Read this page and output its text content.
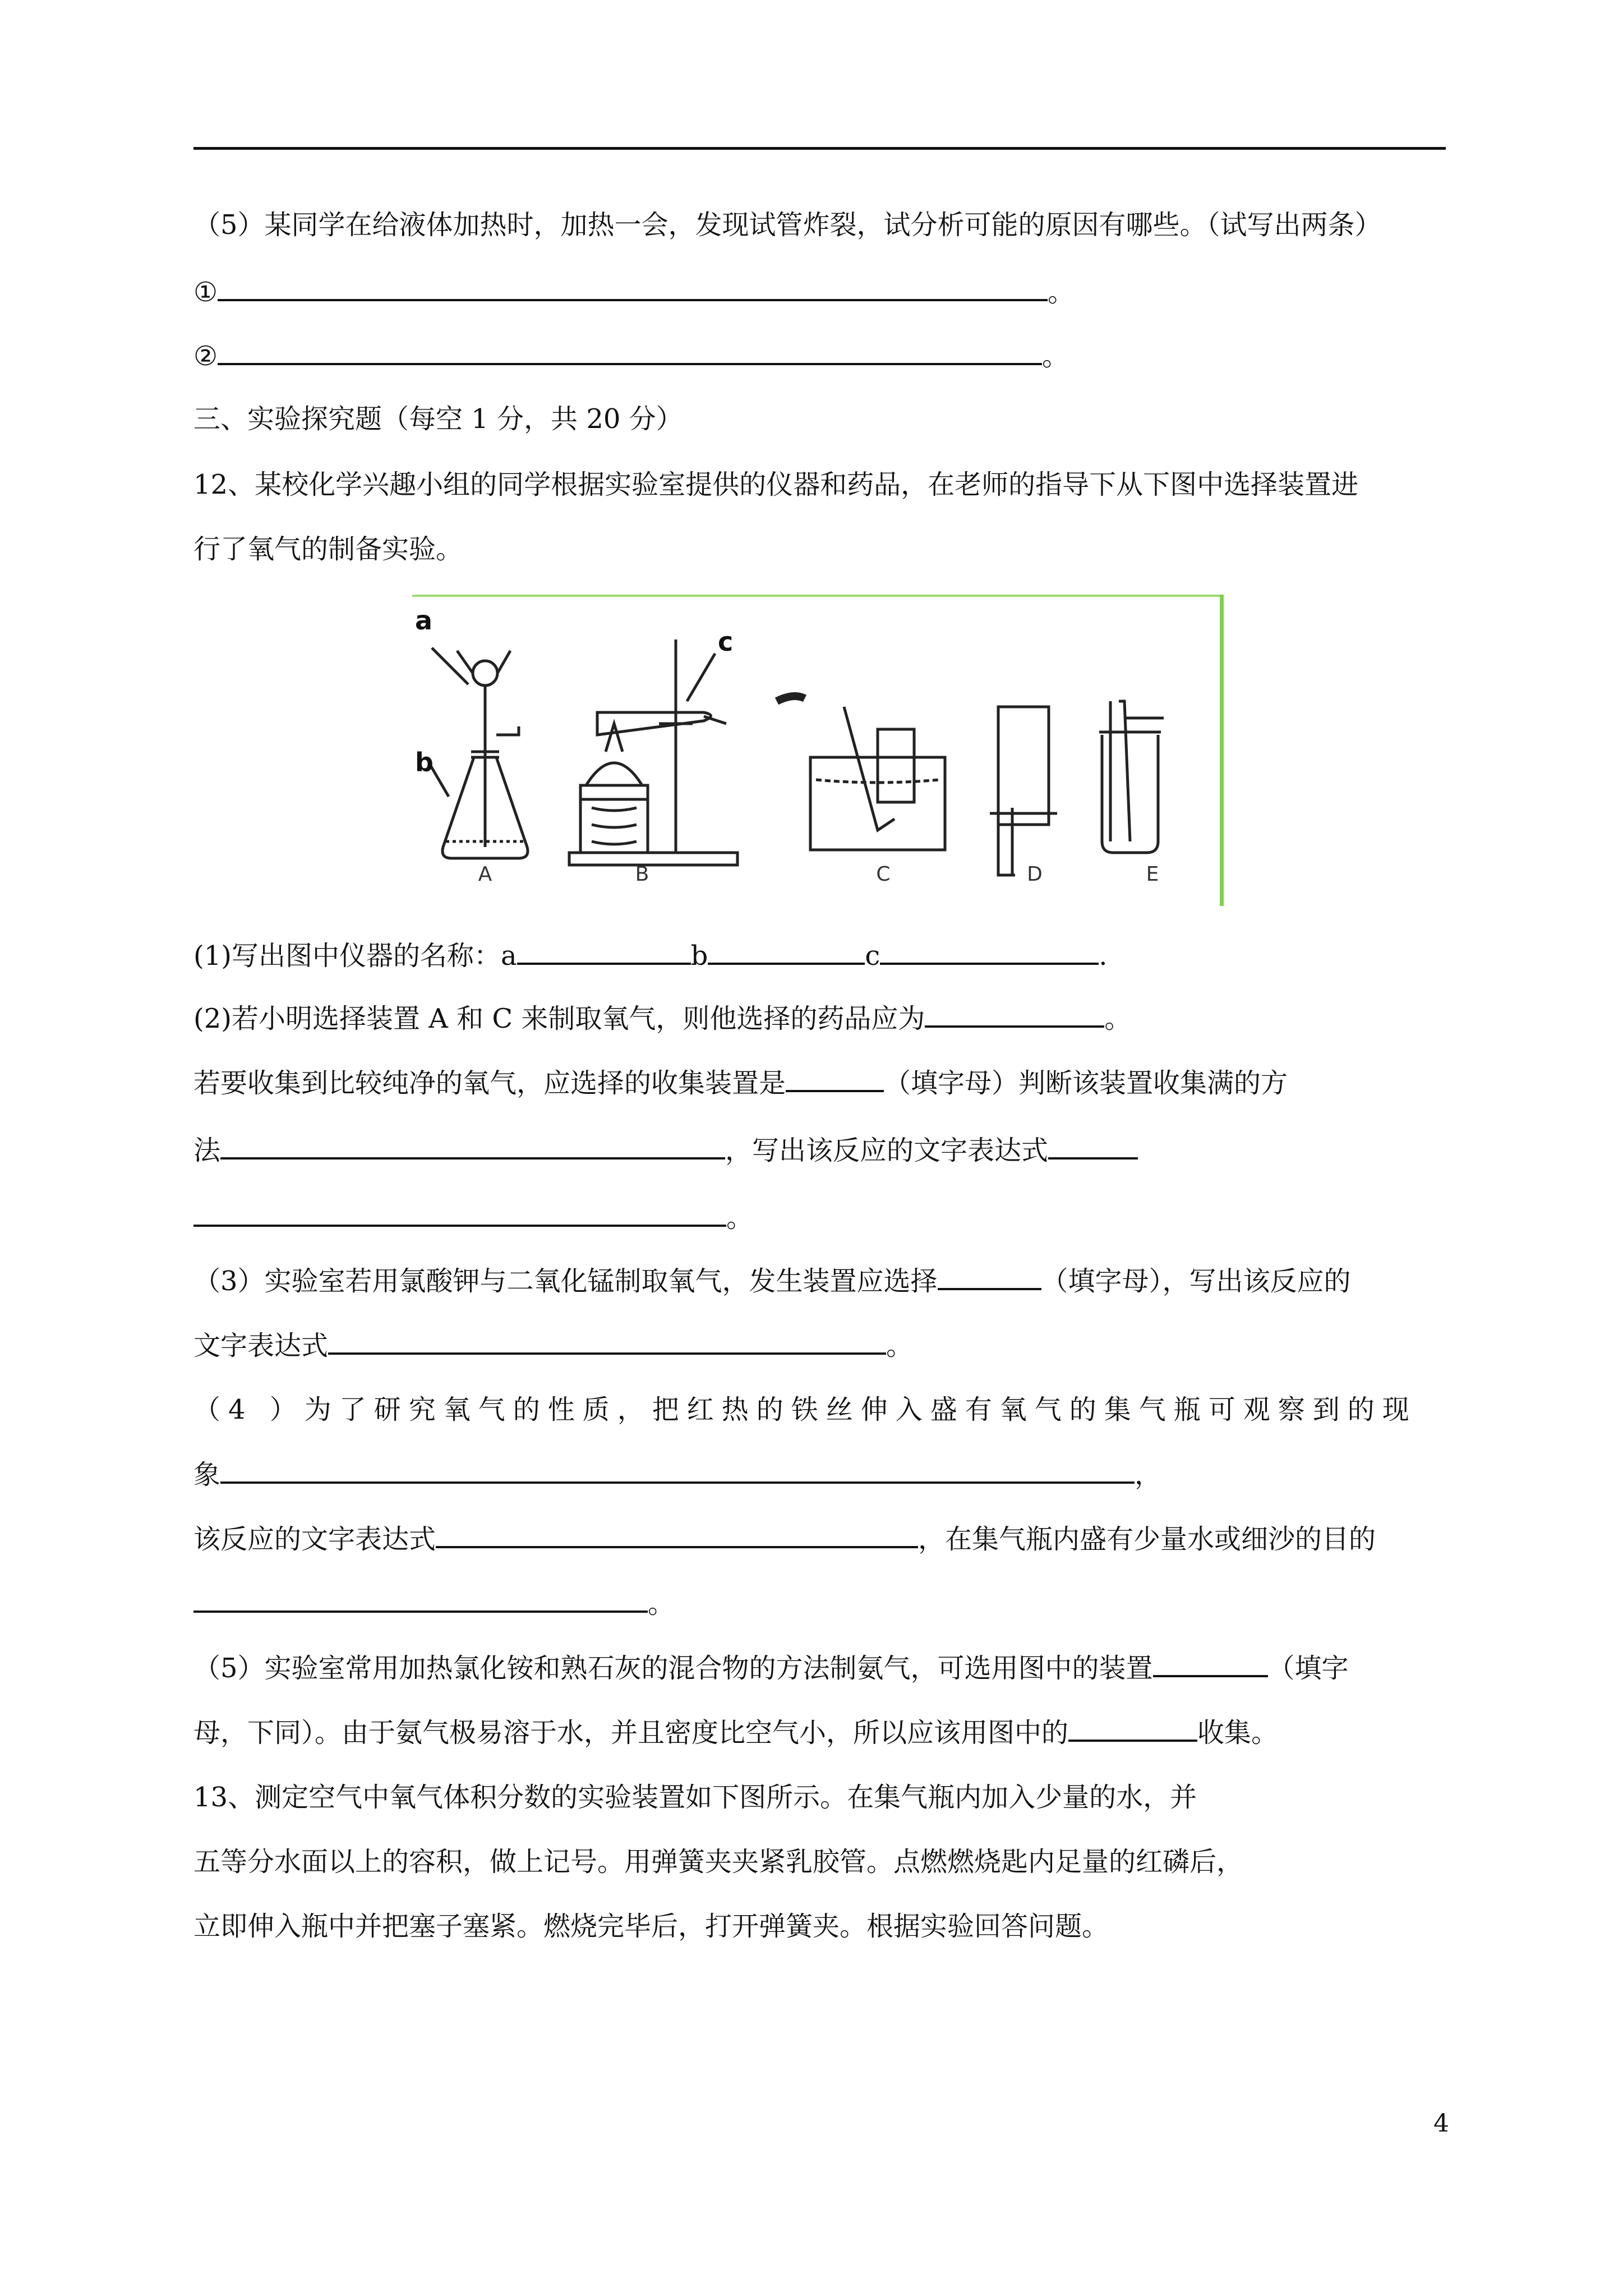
（5）某同学在给液体加热时，加热一会，发现试管炸裂，试分析可能的原因有哪些。（试写出两条）
①	。
②	。
三、实验探究题（每空 1 分，共 20 分）
12、某校化学兴趣小组的同学根据实验室提供的仪器和药品，在老师的指导下从下图中选择装置进
行了氧气的制备实验。
a
b
c
A	B	C	D	E
(1)写出图中仪器的名称：a	b	c	.
(2)若小明选择装置 A 和 C 来制取氧气，则他选择的药品应为	。
若要收集到比较纯净的氧气，应选择的收集装置是	（填字母）判断该装置收集满的方
法	，写出该反应的文字表达式
。
（3）实验室若用氯酸钾与二氧化锰制取氧气，发生装置应选择	（填字母），写出该反应的
文字表达式	。
（4 ）为了研究氧气的性质，把红热的铁丝伸入盛有氧气的集气瓶可观察到的现
象	，
该反应的文字表达式	，在集气瓶内盛有少量水或细沙的目的
。
（5）实验室常用加热氯化铵和熟石灰的混合物的方法制氨气，可选用图中的装置	（填字
母，下同）。由于氨气极易溶于水，并且密度比空气小，所以应该用图中的	收集。
13、测定空气中氧气体积分数的实验装置如下图所示。在集气瓶内加入少量的水，并
五等分水面以上的容积，做上记号。用弹簧夹夹紧乳胶管。点燃燃烧匙内足量的红磷后，
立即伸入瓶中并把塞子塞紧。燃烧完毕后，打开弹簧夹。根据实验回答问题。
4
